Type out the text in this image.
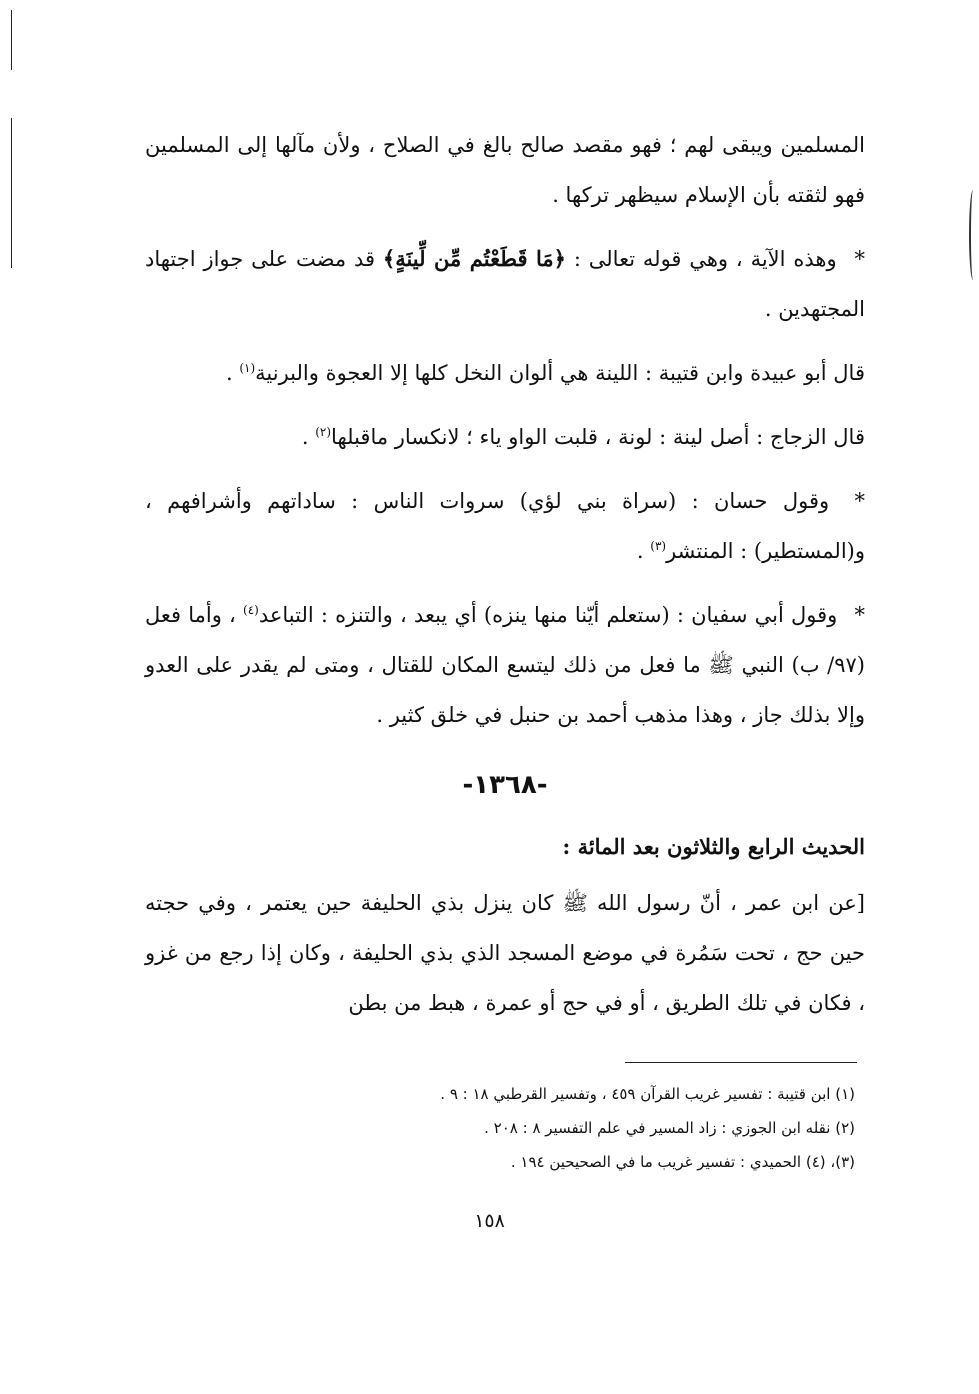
المسلمين ويبقى لهم ؛ فهو مقصد صالح بالغ في الصلاح ، ولأن مآلها إلى المسلمين فهو لثقته بأن الإسلام سيظهر تركها .

* وهذه الآية ، وهي قوله تعالى : ﴿مَا قَطَعْتُم مِّن لِّينَةٍ﴾ قد مضت على جواز اجتهاد المجتهدين .

قال أبو عبيدة وابن قتيبة : اللينة هي ألوان النخل كلها إلا العجوة والبرنية$^{(١)}$ .

قال الزجاج : أصل لينة : لونة ، قلبت الواو ياء ؛ لانكسار ماقبلها$^{(٢)}$ .

* وقول حسان : (سراة بني لؤي) سروات الناس : ساداتهم وأشرافهم ، و(المستطير) : المنتشر$^{(٣)}$ .

* وقول أبي سفيان : (ستعلم أيّنا منها ينزه) أي يبعد ، والتنزه : التباعد$^{(٤)}$ ، وأما فعل (٩٧/ ب) النبي ﷺ ما فعل من ذلك ليتسع المكان للقتال ، ومتى لم يقدر على العدو وإلا بذلك جاز ، وهذا مذهب أحمد بن حنبل في خلق كثير .

-١٣٦٨-
الحديث الرابع والثلاثون بعد المائة :

[عن ابن عمر ، أنّ رسول الله ﷺ كان ينزل بذي الحليفة حين يعتمر ، وفي حجته حين حج ، تحت سَمُرة في موضع المسجد الذي بذي الحليفة ، وكان إذا رجع من غزو ، فكان في تلك الطريق ، أو في حج أو عمرة ، هبط من بطن

(١) ابن قتيبة : تفسير غريب القرآن ٤٥٩ ، وتفسير القرطبي ١٨ : ٩ .
(٢) نقله ابن الجوزي : زاد المسير في علم التفسير ٨ : ٢٠٨ .
(٣)، (٤) الحميدي : تفسير غريب ما في الصحيحين ١٩٤ .
١٥٨
